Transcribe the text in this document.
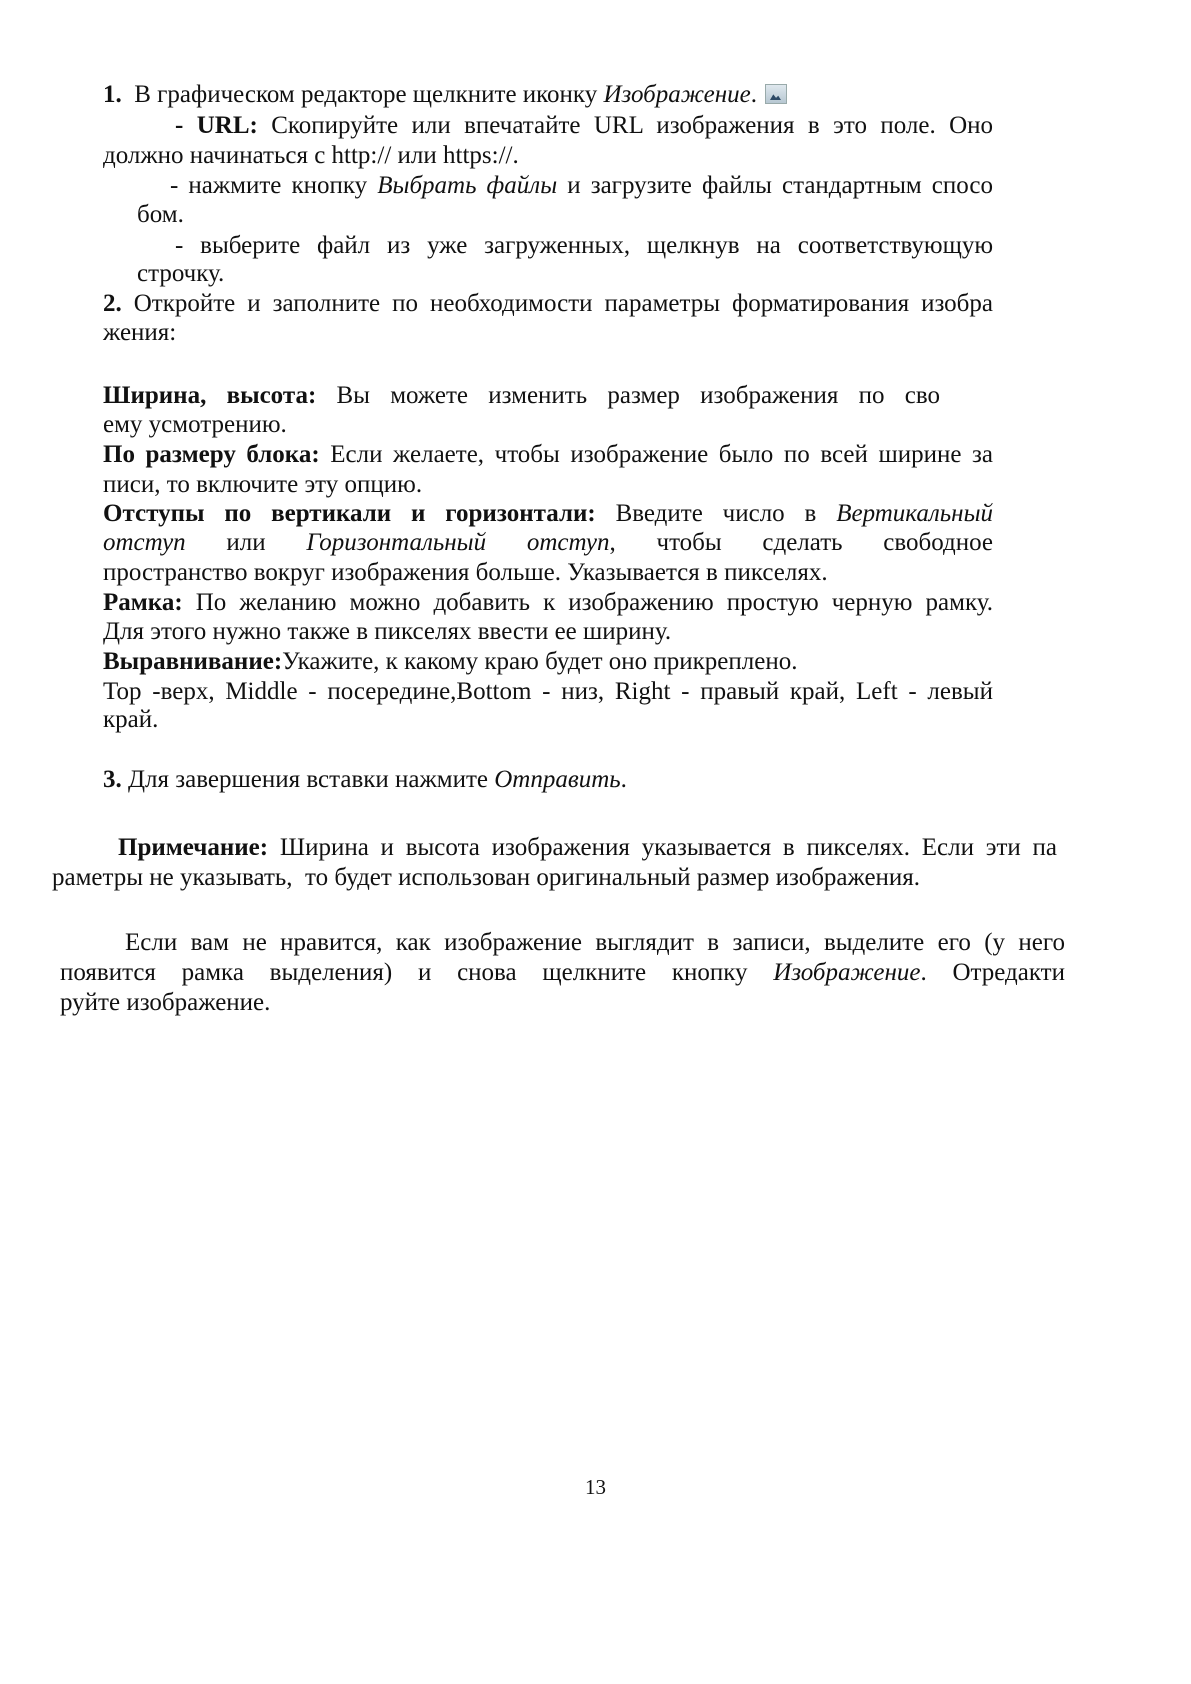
1.  В графическом редакторе щелкните иконку Изображение.
- URL: Скопируйте или впечатайте URL изображения в это поле. Оно
должно начинаться с http:// или https://.
- нажмите кнопку Выбрать файлы и загрузите файлы стандартным спосо
бом.
- выберите файл из уже загруженных, щелкнув на соответствующую
строчку.
2. Откройте и заполните по необходимости параметры форматирования изобра
жения:
Ширина, высота: Вы можете изменить размер изображения по сво
ему усмотрению.
По размеру блока: Если желаете, чтобы изображение было по всей ширине за
писи, то включите эту опцию.
Отступы по вертикали и горизонтали: Введите число в Вертикальный
отступ или Горизонтальный отступ, чтобы сделать свободное
пространство вокруг изображения больше. Указывается в пикселях.
Рамка: По желанию можно добавить к изображению простую черную рамку.
Для этого нужно также в пикселях ввести ее ширину.
Выравнивание:Укажите, к какому краю будет оно прикреплено.
Top -верх, Middle - посередине,Bottom - низ, Right - правый край, Left - левый
край.
3. Для завершения вставки нажмите Отправить.
Примечание: Ширина и высота изображения указывается в пикселях. Если эти па
раметры не указывать,  то будет использован оригинальный размер изображения.
Если вам не нравится, как изображение выглядит в записи, выделите его (у него
появится рамка выделения) и снова щелкните кнопку Изображение. Отредакти
руйте изображение.
13
